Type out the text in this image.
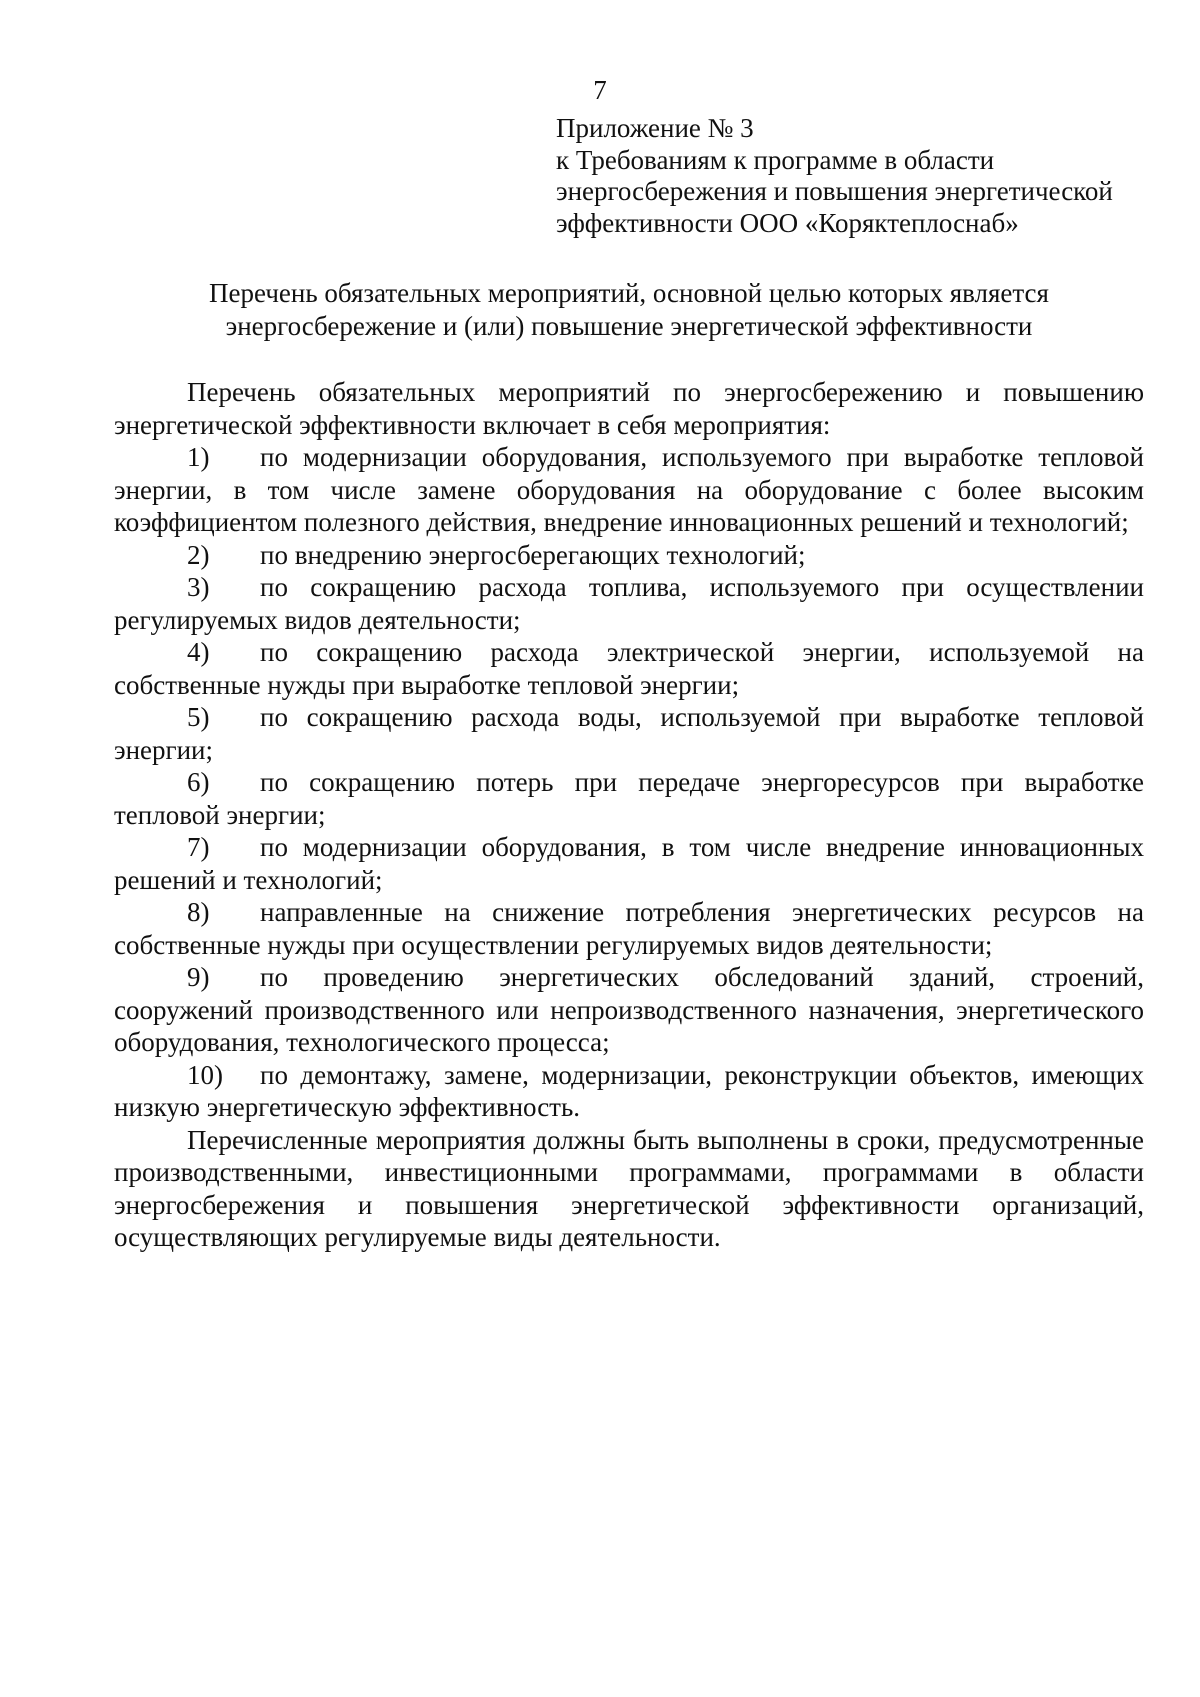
7
Приложение № 3
к Требованиям к программе в области
энергосбережения и повышения энергетической
эффективности ООО «Коряктеплоснаб»
Перечень обязательных мероприятий, основной целью которых является
энергосбережение и (или) повышение энергетической эффективности

Перечень обязательных мероприятий по энергосбережению и повышению энергетической эффективности включает в себя мероприятия:

1) по модернизации оборудования, используемого при выработке тепловой энергии, в том числе замене оборудования на оборудование с более высоким коэффициентом полезного действия, внедрение инновационных решений и технологий;

2) по внедрению энергосберегающих технологий;

3) по сокращению расхода топлива, используемого при осуществлении регулируемых видов деятельности;

4) по сокращению расхода электрической энергии, используемой на собственные нужды при выработке тепловой энергии;

5) по сокращению расхода воды, используемой при выработке тепловой энергии;

6) по сокращению потерь при передаче энергоресурсов при выработке тепловой энергии;

7) по модернизации оборудования, в том числе внедрение инновационных решений и технологий;

8) направленные на снижение потребления энергетических ресурсов на собственные нужды при осуществлении регулируемых видов деятельности;

9) по проведению энергетических обследований зданий, строений, сооружений производственного или непроизводственного назначения, энергетического оборудования, технологического процесса;

10) по демонтажу, замене, модернизации, реконструкции объектов, имеющих низкую энергетическую эффективность.

Перечисленные мероприятия должны быть выполнены в сроки, предусмотренные производственными, инвестиционными программами, программами в области энергосбережения и повышения энергетической эффективности организаций, осуществляющих регулируемые виды деятельности.
